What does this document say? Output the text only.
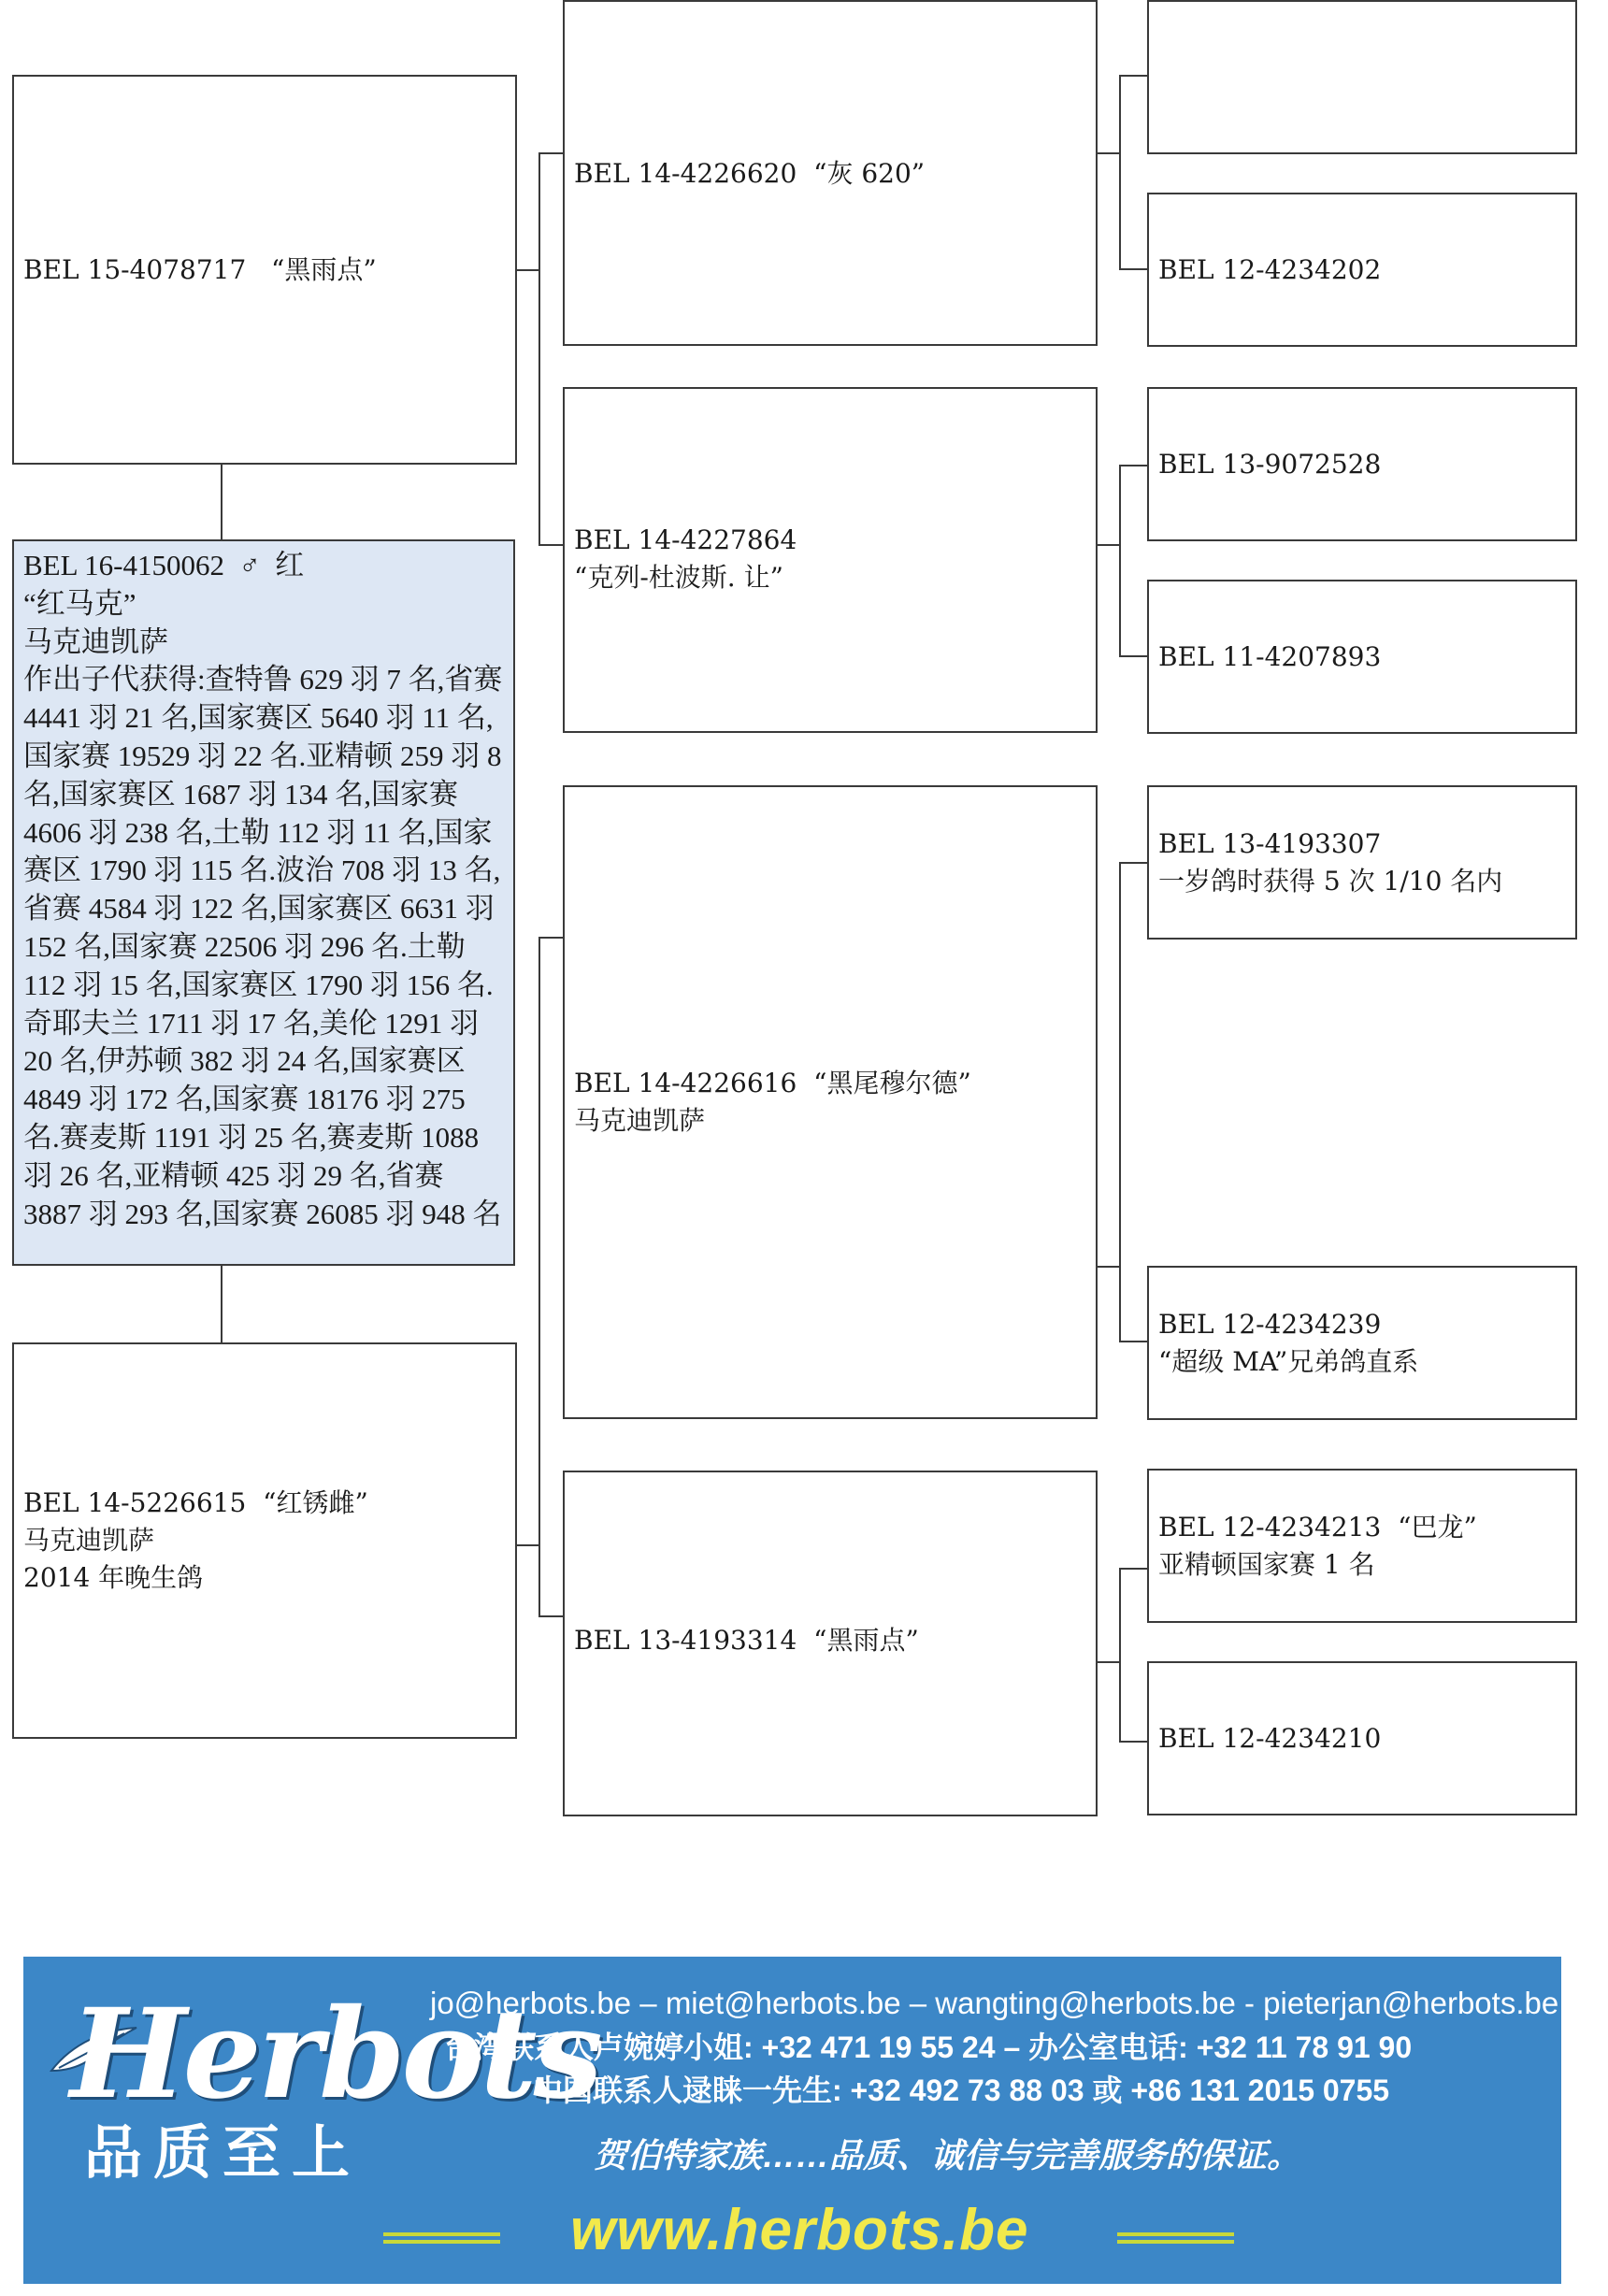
BEL 15-4078717 “黑雨点”
BEL 16-4150062 ♂ 红
“红马克”
马克迪凯萨
作出子代获得:查特鲁 629 羽 7 名,省赛 4441 羽 21 名,国家赛区 5640 羽 11 名,国家赛 19529 羽 22 名.亚精顿 259 羽 8 名,国家赛区 1687 羽 134 名,国家赛 4606 羽 238 名,土勒 112 羽 11 名,国家赛区 1790 羽 115 名.波治 708 羽 13 名,省赛 4584 羽 122 名,国家赛区 6631 羽 152 名,国家赛 22506 羽 296 名.土勒 112 羽 15 名,国家赛区 1790 羽 156 名.奇耶夫兰 1711 羽 17 名,美伦 1291 羽 20 名,伊苏顿 382 羽 24 名,国家赛区 4849 羽 172 名,国家赛 18176 羽 275 名.赛麦斯 1191 羽 25 名,赛麦斯 1088 羽 26 名,亚精顿 425 羽 29 名,省赛 3887 羽 293 名,国家赛 26085 羽 948 名
BEL 14-5226615 “红锈雌”
马克迪凯萨
2014 年晚生鸽
BEL 14-4226620 “灰 620”
BEL 14-4227864
“克列-杜波斯. 让”
BEL 14-4226616 “黑尾穆尔德”
马克迪凯萨
BEL 13-4193314 “黑雨点”
BEL 12-4234202
BEL 13-9072528
BEL 11-4207893
BEL 13-4193307
一岁鸽时获得 5 次 1/10 名内
BEL 12-4234239
“超级 MA”兄弟鸽直系
BEL 12-4234213 “巴龙”
亚精顿国家赛 1 名
BEL 12-4234210
Herbots
品质至上
jo@herbots.be – miet@herbots.be – wangting@herbots.be - pieterjan@herbots.be
台湾联系人卢婉婷小姐: +32 471 19 55 24 – 办公室电话: +32 11 78 91 90
中国联系人逯睐一先生: +32 492 73 88 03 或 +86 131 2015 0755
贺伯特家族……品质、诚信与完善服务的保证。
www.herbots.be
